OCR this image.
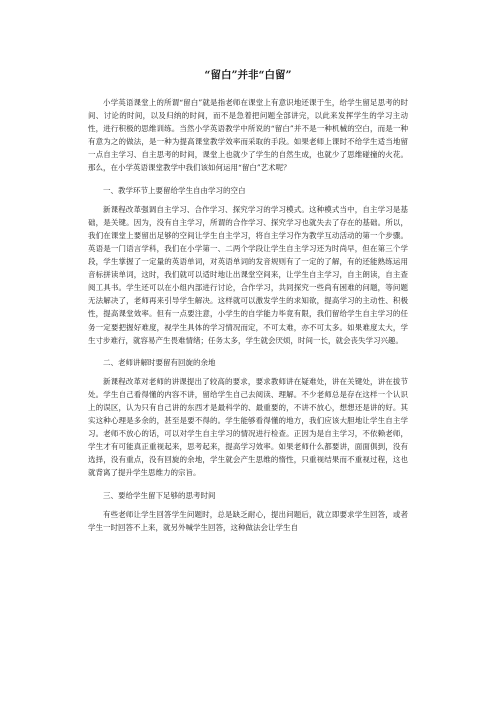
“留白”并非“白留”

小学英语课堂上的所谓“留白”就是指老师在课堂上有意识地还课于生，给学生留足思考的时间、讨论的时间，以及归纳的时间，而不是急着把问题全部讲完，以此来发挥学生的学习主动性，进行积极的思维训练。当然小学英语教学中所说的“留白”并不是一种机械的空白，而是一种有意为之的做法，是一种为提高课堂教学效率而采取的手段。如果老师上课时不给学生适当地留一点自主学习、自主思考的时间，课堂上也就少了学生的自然生成，也就少了思维碰撞的火花。那么，在小学英语课堂教学中我们该如何运用“留白”艺术呢？

一、教学环节上要留给学生自由学习的空白

新课程改革强调自主学习、合作学习、探究学习的学习模式。这种模式当中，自主学习是基础，是关键。因为，没有自主学习，所谓的合作学习、探究学习也就失去了存在的基础。所以，我们在课堂上要留出足够的空间让学生自主学习，将自主学习作为教学互动活动的第一个步骤。英语是一门语言学科，我们在小学第一、二两个学段让学生自主学习还为时尚早，但在第三个学段，学生掌握了一定量的英语单词，对英语单词的发音规则有了一定的了解，有的还能熟练运用音标拼读单词，这时，我们就可以适时地让出课堂空间来，让学生自主学习，自主朗读，自主查阅工具书。学生还可以在小组内部进行讨论，合作学习，共同探究一些尚有困难的问题，等问题无法解决了，老师再来引导学生解决。这样就可以激发学生的求知欲，提高学习的主动性、积极性，提高课堂效率。但有一点要注意，小学生的自学能力毕竟有限，我们留给学生自主学习的任务一定要把握好难度，视学生具体的学习情况而定，不可太难，亦不可太多。如果难度太大，学生寸步难行，就容易产生畏难情绪；任务太多，学生就会厌烦，时间一长，就会丧失学习兴趣。

二、老师讲解时要留有回旋的余地

新课程改革对老师的讲课提出了较高的要求，要求教师讲在疑难处，讲在关键处，讲在拔节处。学生自己看得懂的内容不讲，留给学生自己去阅读、理解。不少老师总是存在这样一个认识上的误区，认为只有自己讲的东西才是最科学的、最重要的，不讲不放心，想想还是讲的好。其实这种心理是多余的，甚至是要不得的。学生能够看得懂的地方，我们应该大胆地让学生自主学习。老师不放心的话，可以对学生自主学习的情况进行检查。正因为是自主学习，不依赖老师，学生才有可能真正重视起来，思考起来，提高学习效率。如果老师什么都要讲，面面俱到，没有选择，没有重点，没有回旋的余地，学生就会产生思维的惰性，只重视结果而不重视过程，这也就背离了提升学生思维力的宗旨。

三、要给学生留下足够的思考时间

有些老师让学生回答学生问题时，总是缺乏耐心，提出问题后，就立即要求学生回答，或者学生一时回答不上来，就另外喊学生回答，这种做法会让学生自
